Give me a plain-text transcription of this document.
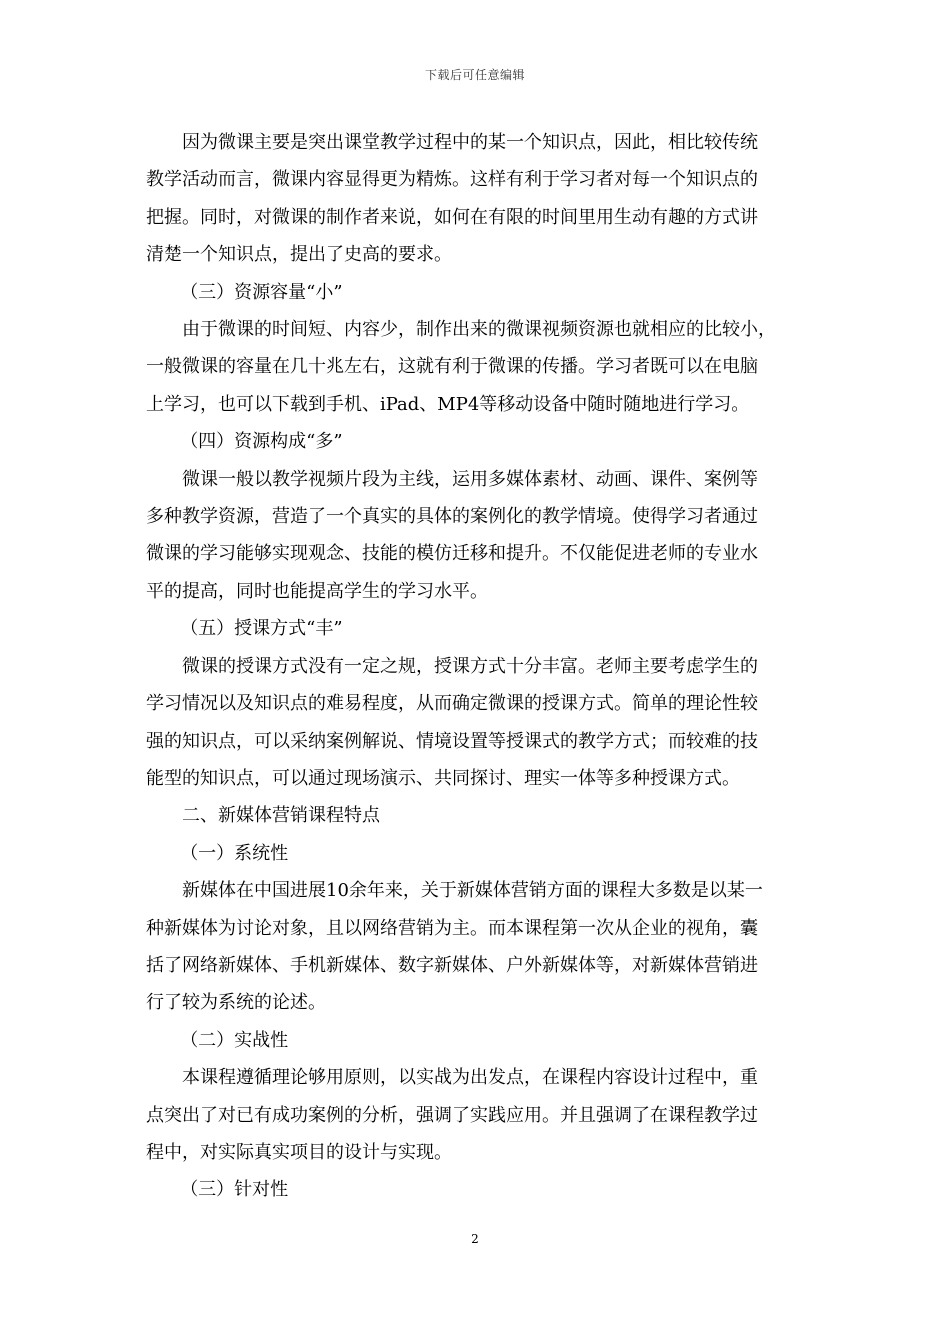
下载后可任意编辑

因为微课主要是突出课堂教学过程中的某一个知识点，因此，相比较传统

教学活动而言，微课内容显得更为精炼。这样有利于学习者对每一个知识点的

把握。同时，对微课的制作者来说，如何在有限的时间里用生动有趣的方式讲

清楚一个知识点，提出了史高的要求。

（三）资源容量“小”

由于微课的时间短、内容少，制作出来的微课视频资源也就相应的比较小，

一般微课的容量在几十兆左右，这就有利于微课的传播。学习者既可以在电脑

上学习，也可以下载到手机、iPad、MP4等移动设备中随时随地进行学习。

（四）资源构成“多”

微课一般以教学视频片段为主线，运用多媒体素材、动画、课件、案例等

多种教学资源，营造了一个真实的具体的案例化的教学情境。使得学习者通过

微课的学习能够实现观念、技能的模仿迁移和提升。不仅能促进老师的专业水

平的提高，同时也能提高学生的学习水平。

（五）授课方式“丰”

微课的授课方式没有一定之规，授课方式十分丰富。老师主要考虑学生的

学习情况以及知识点的难易程度，从而确定微课的授课方式。简单的理论性较

强的知识点，可以采纳案例解说、情境设置等授课式的教学方式；而较难的技

能型的知识点，可以通过现场演示、共同探讨、理实一体等多种授课方式。

二、新媒体营销课程特点

（一）系统性

新媒体在中国进展10余年来，关于新媒体营销方面的课程大多数是以某一

种新媒体为讨论对象，且以网络营销为主。而本课程第一次从企业的视角，囊

括了网络新媒体、手机新媒体、数字新媒体、户外新媒体等，对新媒体营销进

行了较为系统的论述。

（二）实战性

本课程遵循理论够用原则，以实战为出发点，在课程内容设计过程中，重

点突出了对已有成功案例的分析，强调了实践应用。并且强调了在课程教学过

程中，对实际真实项目的设计与实现。

（三）针对性

2
